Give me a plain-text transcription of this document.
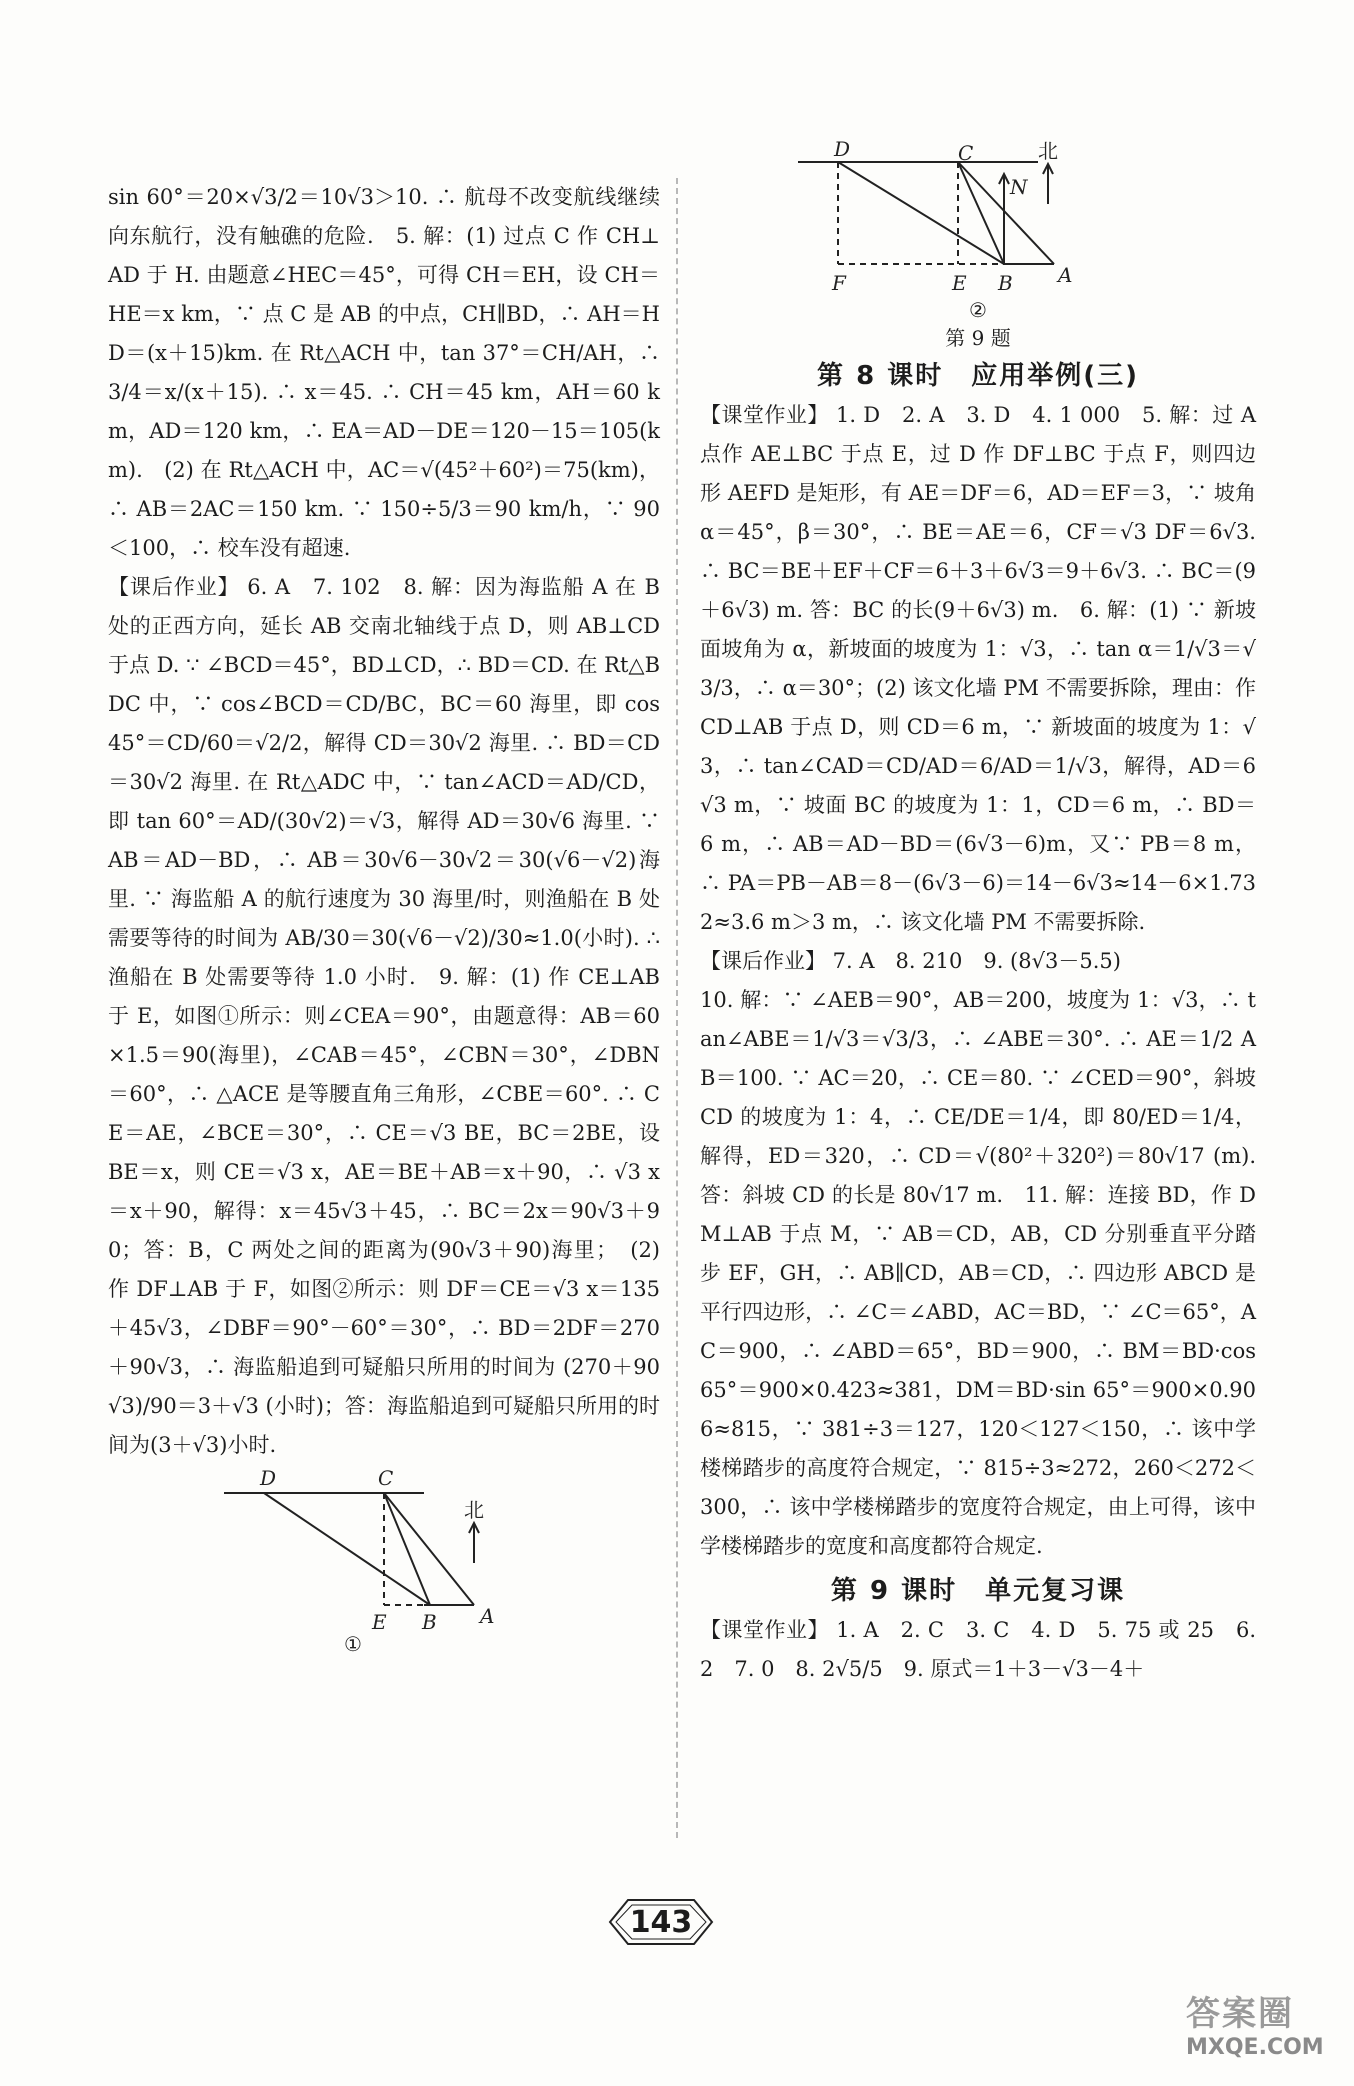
sin 60°＝20×√3/2＝10√3＞10. ∴ 航母不改变航线继续向东航行，没有触礁的危险.　5. 解：(1) 过点 C 作 CH⊥AD 于 H. 由题意∠HEC＝45°，可得 CH＝EH，设 CH＝HE＝x km，∵ 点 C 是 AB 的中点，CH∥BD，∴ AH＝HD＝(x＋15)km. 在 Rt△ACH 中，tan 37°＝CH/AH，∴ 3/4＝x/(x＋15). ∴ x＝45. ∴ CH＝45 km，AH＝60 km，AD＝120 km，∴ EA＝AD－DE＝120－15＝105(km).　(2) 在 Rt△ACH 中，AC＝√(45²＋60²)＝75(km)，∴ AB＝2AC＝150 km. ∵ 150÷5/3＝90 km/h，∵ 90＜100，∴ 校车没有超速.

【课后作业】 6. A　7. 102　8. 解：因为海监船 A 在 B 处的正西方向，延长 AB 交南北轴线于点 D，则 AB⊥CD 于点 D. ∵ ∠BCD＝45°，BD⊥CD，∴ BD＝CD. 在 Rt△BDC 中，∵ cos∠BCD＝CD/BC，BC＝60 海里，即 cos 45°＝CD/60＝√2/2，解得 CD＝30√2 海里. ∴ BD＝CD＝30√2 海里. 在 Rt△ADC 中，∵ tan∠ACD＝AD/CD，即 tan 60°＝AD/(30√2)＝√3，解得 AD＝30√6 海里. ∵ AB＝AD－BD，∴ AB＝30√6－30√2＝30(√6－√2)海里. ∵ 海监船 A 的航行速度为 30 海里/时，则渔船在 B 处需要等待的时间为 AB/30＝30(√6－√2)/30≈1.0(小时). ∴ 渔船在 B 处需要等待 1.0 小时.　9. 解：(1) 作 CE⊥AB 于 E，如图①所示：则∠CEA＝90°，由题意得：AB＝60×1.5＝90(海里)，∠CAB＝45°，∠CBN＝30°，∠DBN＝60°，∴ △ACE 是等腰直角三角形，∠CBE＝60°. ∴ CE＝AE，∠BCE＝30°，∴ CE＝√3 BE，BC＝2BE，设 BE＝x，则 CE＝√3 x，AE＝BE＋AB＝x＋90，∴ √3 x＝x＋90，解得：x＝45√3＋45，∴ BC＝2x＝90√3＋90；答：B，C 两处之间的距离为(90√3＋90)海里；　(2) 作 DF⊥AB 于 F，如图②所示：则 DF＝CE＝√3 x＝135＋45√3，∠DBF＝90°－60°＝30°，∴ BD＝2DF＝270＋90√3，∴ 海监船追到可疑船只所用的时间为 (270＋90√3)/90＝3＋√3 (小时)；答：海监船追到可疑船只所用的时间为(3＋√3)小时.

D	C
E B A
北
①
D	C
N
F	E B A
北
②
第 9 题
第 8 课时　应用举例(三)

【课堂作业】 1. D　2. A　3. D　4. 1 000　5. 解：过 A 点作 AE⊥BC 于点 E，过 D 作 DF⊥BC 于点 F，则四边形 AEFD 是矩形，有 AE＝DF＝6，AD＝EF＝3，∵ 坡角 α＝45°，β＝30°，∴ BE＝AE＝6，CF＝√3 DF＝6√3. ∴ BC＝BE＋EF＋CF＝6＋3＋6√3＝9＋6√3. ∴ BC＝(9＋6√3) m. 答：BC 的长(9＋6√3) m.　6. 解：(1) ∵ 新坡面坡角为 α，新坡面的坡度为 1：√3，∴ tan α＝1/√3＝√3/3，∴ α＝30°；(2) 该文化墙 PM 不需要拆除，理由：作 CD⊥AB 于点 D，则 CD＝6 m，∵ 新坡面的坡度为 1：√3，∴ tan∠CAD＝CD/AD＝6/AD＝1/√3，解得，AD＝6√3 m，∵ 坡面 BC 的坡度为 1：1，CD＝6 m，∴ BD＝6 m，∴ AB＝AD－BD＝(6√3－6)m，又∵ PB＝8 m，∴ PA＝PB－AB＝8－(6√3－6)＝14－6√3≈14－6×1.732≈3.6 m＞3 m，∴ 该文化墙 PM 不需要拆除.

【课后作业】 7. A　8. 210　9. (8√3－5.5)

10. 解：∵ ∠AEB＝90°，AB＝200，坡度为 1：√3，∴ tan∠ABE＝1/√3＝√3/3，∴ ∠ABE＝30°. ∴ AE＝1/2 AB＝100. ∵ AC＝20，∴ CE＝80. ∵ ∠CED＝90°，斜坡 CD 的坡度为 1：4，∴ CE/DE＝1/4，即 80/ED＝1/4，解得，ED＝320，∴ CD＝√(80²＋320²)＝80√17 (m). 答：斜坡 CD 的长是 80√17 m.　11. 解：连接 BD，作 DM⊥AB 于点 M，∵ AB＝CD，AB，CD 分别垂直平分踏步 EF，GH，∴ AB∥CD，AB＝CD，∴ 四边形 ABCD 是平行四边形，∴ ∠C＝∠ABD，AC＝BD，∵ ∠C＝65°，AC＝900，∴ ∠ABD＝65°，BD＝900，∴ BM＝BD·cos 65°＝900×0.423≈381，DM＝BD·sin 65°＝900×0.906≈815，∵ 381÷3＝127，120＜127＜150，∴ 该中学楼梯踏步的高度符合规定，∵ 815÷3≈272，260＜272＜300，∴ 该中学楼梯踏步的宽度符合规定，由上可得，该中学楼梯踏步的宽度和高度都符合规定.

第 9 课时　单元复习课

【课堂作业】 1. A　2. C　3. C　4. D　5. 75 或 25　6. 2　7. 0　8. 2√5/5　9. 原式＝1＋3－√3－4＋

143
答案圈
MXQE.COM
